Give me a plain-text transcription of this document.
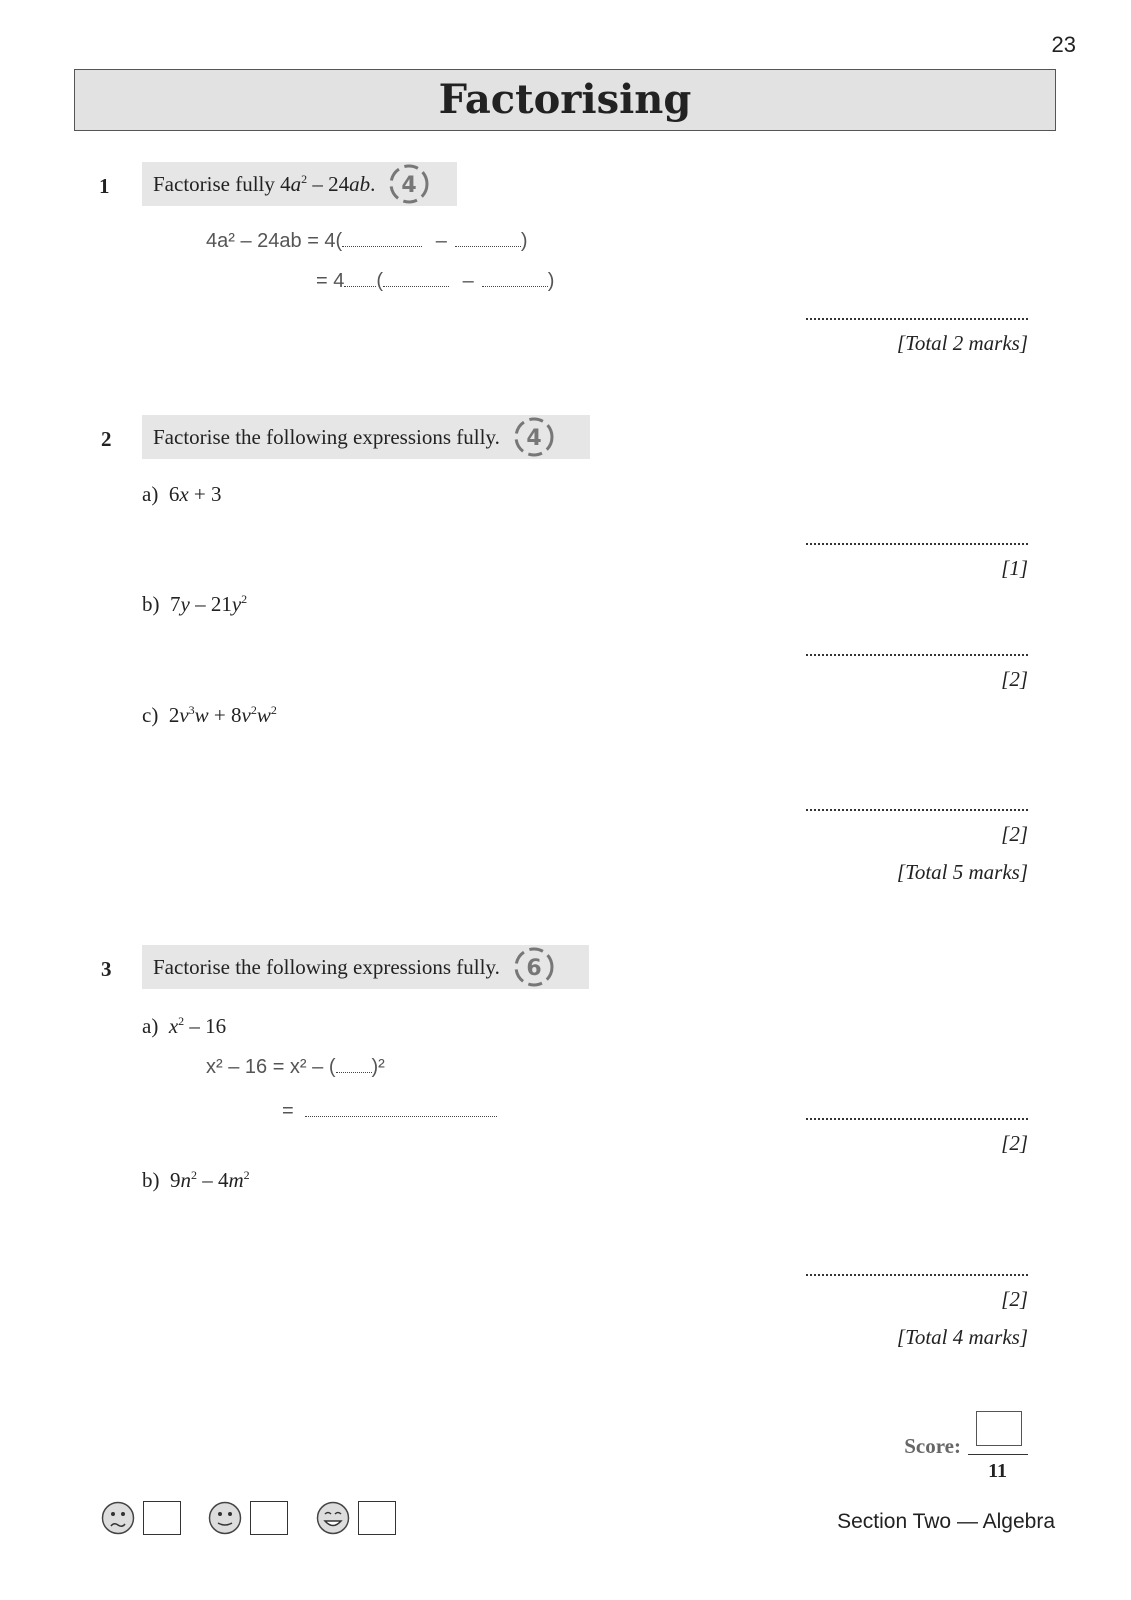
23
Factorising
1 Factorise fully $4a^2 - 24ab$. 4
4a² – 24ab = 4(	–	)
= 4 (	–	)
[Total 2 marks]
2 Factorise the following expressions fully. 4
a) 6x + 3
[1]
b) $7y - 21y^2$
[2]
c) $2v^3w + 8v^2w^2$
[2]
[Total 5 marks]
3 Factorise the following expressions fully. 6
a) $x^2 - 16$
x² – 16 = x² – ( )²
=
[2]
b) $9n^2 - 4m^2$
[2]
[Total 4 marks]
Score:
11
Section Two — Algebra
